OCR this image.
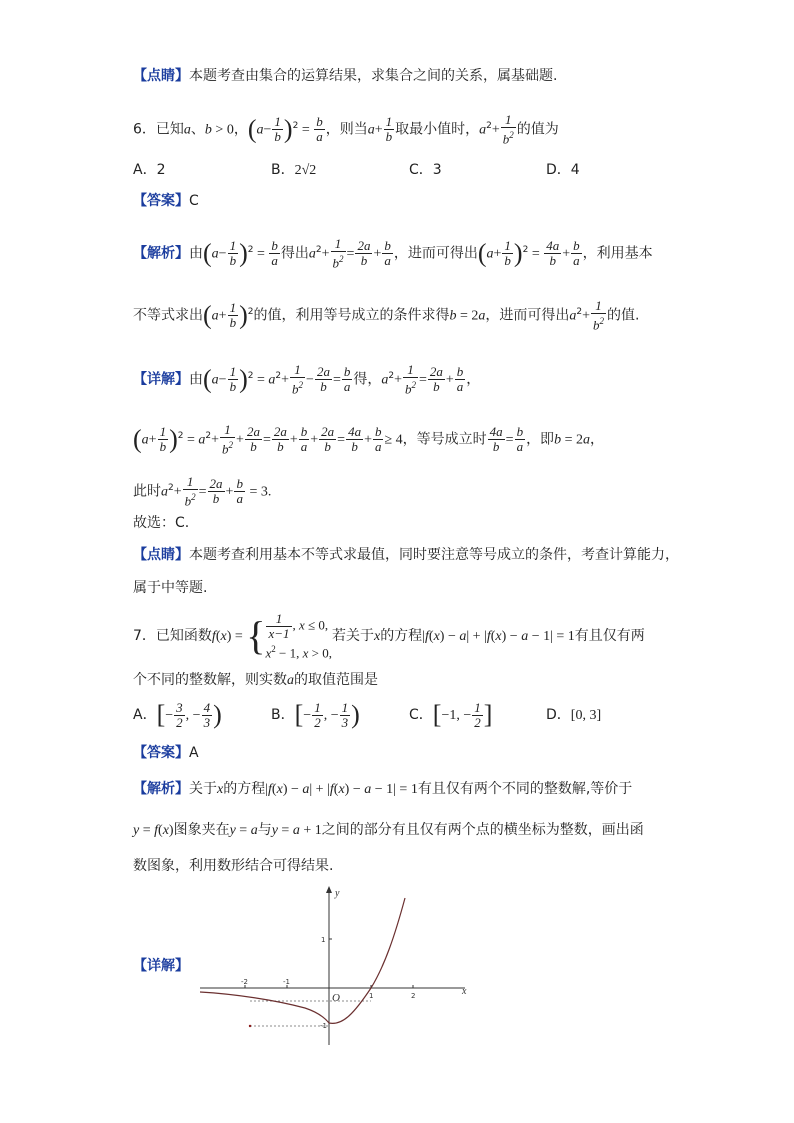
【点睛】本题考查由集合的运算结果，求集合之间的关系，属基础题.
6．已知a、b > 0，$(a- \frac{1}{b} )^2 = \frac{b}{a}$ ，则当$a+ \frac{1}{b}$ 取最小值时，$a^2+ \frac{1}{b^2}$ 的值为
A．2	B．2√2	C．3	D．4
【答案】C
【解析】由$(a- \frac{1}{b} )^2 = \frac{b}{a}$ 得出$a^2+ \frac{1}{b^2} = \frac{2a}{b} + \frac{b}{a}$ ，进而可得出$(a+ \frac{1}{b} )^2 = \frac{4a}{b} + \frac{b}{a}$ ，利用基本
不等式求出$(a+ \frac{1}{b} )^2$的值，利用等号成立的条件求得b = 2a，进而可得出$a^2+ \frac{1}{b^2}$ 的值.
【详解】由$(a- \frac{1}{b} )^2 = a^2+ \frac{1}{b^2} - \frac{2a}{b} = \frac{b}{a}$ 得，$a^2+ \frac{1}{b^2} = \frac{2a}{b} + \frac{b}{a}$ ，
$(a+ \frac{1}{b} )^2 = a^2+ \frac{1}{b^2} + \frac{2a}{b} = \frac{2a}{b} + \frac{b}{a} + \frac{2a}{b} = \frac{4a}{b} + \frac{b}{a} \ge 4$，等号成立时 $\frac{4a}{b} = \frac{b}{a}$ ，即b = 2a，
此时$a^2+ \frac{1}{b^2} = \frac{2a}{b} + \frac{b}{a} = 3$.
故选：C.
【点睛】本题考查利用基本不等式求最值，同时要注意等号成立的条件，考查计算能力，
属于中等题.
7．已知函数f(x) = { $\frac{1}{x-1}$ , x ≤ 0,
$x^2 - 1$, x > 0,
若关于x的方程|f(x) − a| + |f(x) − a − 1| = 1有且仅有两
个不同的整数解，则实数a的取值范围是
A．[− $\frac{3}{2}$ , − $\frac{4}{3}$ )	B．[− $\frac{1}{2}$ , − $\frac{1}{3}$ )	C．[−1, − $\frac{1}{2}$ ]	D．[0, 3]
【答案】A
【解析】关于x的方程|f(x) − a| + |f(x) − a − 1| = 1有且仅有两个不同的整数解,等价于
y = f(x)图象夹在y = a与y = a + 1之间的部分有且仅有两个点的横坐标为整数，画出函
数图象，利用数形结合可得结果.
【详解】
y
x
O
-2	-1
1	2
1
-1
